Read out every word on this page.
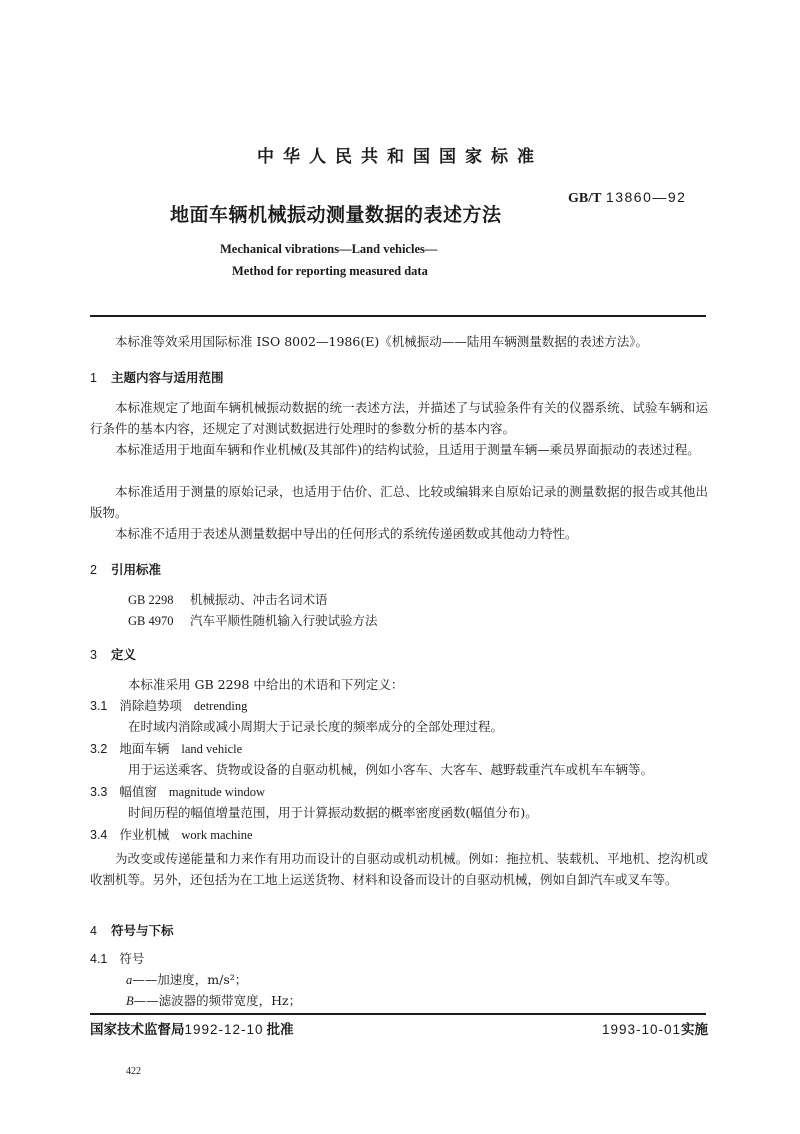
中华人民共和国国家标准
GB/T 13860—92
地面车辆机械振动测量数据的表述方法
Mechanical vibrations—Land vehicles—
Method for reporting measured data
本标准等效采用国际标准 ISO 8002—1986(E)《机械振动——陆用车辆测量数据的表述方法》。
1 主题内容与适用范围
本标准规定了地面车辆机械振动数据的统一表述方法，并描述了与试验条件有关的仪器系统、试验车辆和运行条件的基本内容，还规定了对测试数据进行处理时的参数分析的基本内容。
本标准适用于地面车辆和作业机械(及其部件)的结构试验，且适用于测量车辆—乘员界面振动的表述过程。
本标准适用于测量的原始记录，也适用于估价、汇总、比较或编辑来自原始记录的测量数据的报告或其他出版物。
本标准不适用于表述从测量数据中导出的任何形式的系统传递函数或其他动力特性。
2 引用标准
GB 2298 机械振动、冲击名词术语
GB 4970 汽车平顺性随机输入行驶试验方法
3 定义
本标准采用 GB 2298 中给出的术语和下列定义：
3.1 消除趋势项 detrending
在时域内消除或减小周期大于记录长度的频率成分的全部处理过程。
3.2 地面车辆 land vehicle
用于运送乘客、货物或设备的自驱动机械，例如小客车、大客车、越野载重汽车或机车车辆等。
3.3 幅值窗 magnitude window
时间历程的幅值增量范围，用于计算振动数据的概率密度函数(幅值分布)。
3.4 作业机械 work machine
为改变或传递能量和力来作有用功而设计的自驱动或机动机械。例如：拖拉机、装载机、平地机、挖沟机或收割机等。另外，还包括为在工地上运送货物、材料和设备而设计的自驱动机械，例如自卸汽车或叉车等。
4 符号与下标
4.1 符号
a——加速度，m/s²；
B——滤波器的频带宽度，Hz；
国家技术监督局1992-12-10 批准	1993-10-01实施
422
